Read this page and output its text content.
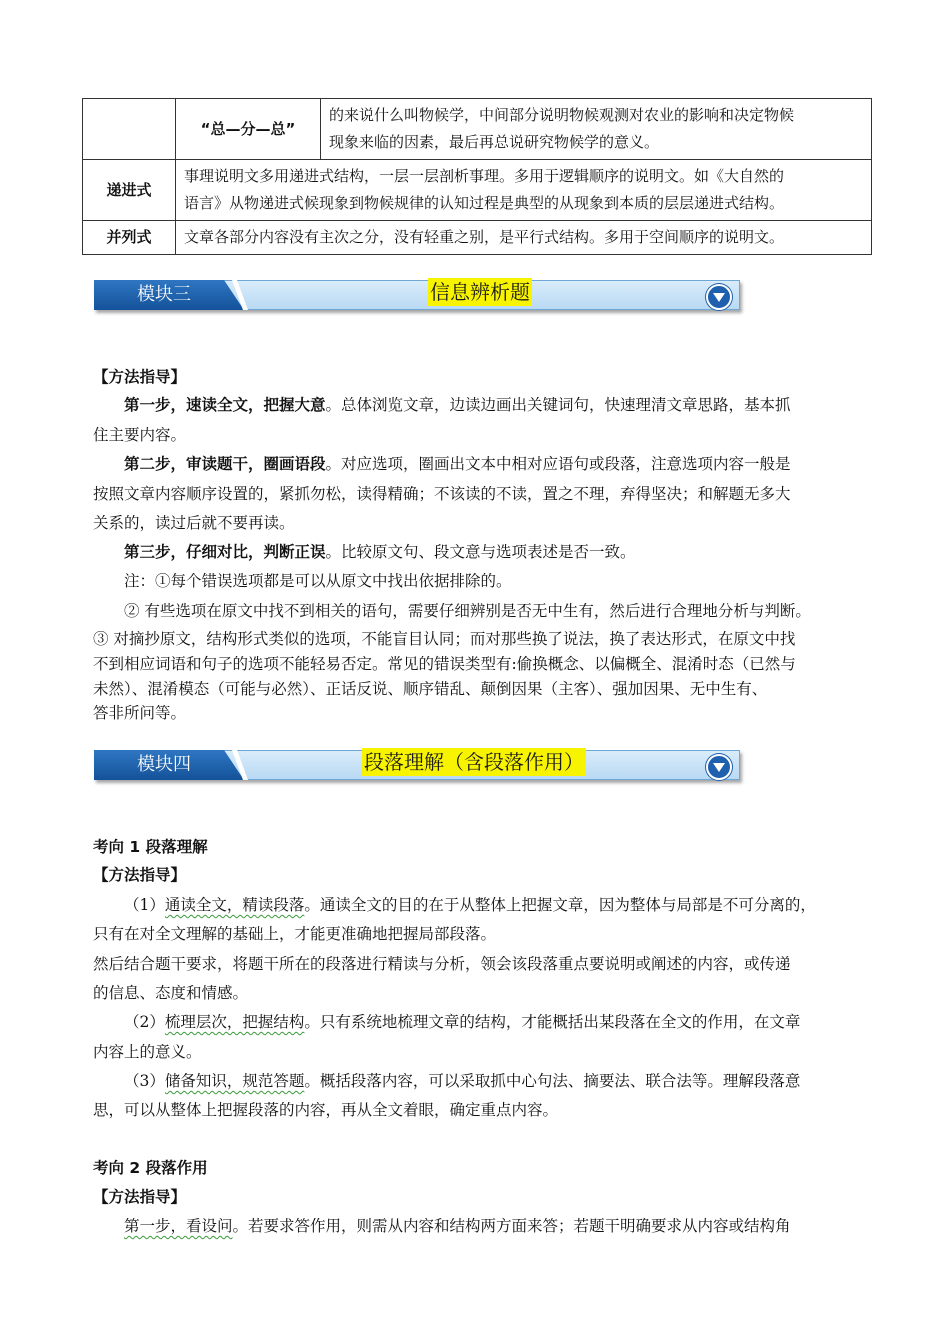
	“总—分—总”	的来说什么叫物候学，中间部分说明物候观测对农业的影响和决定物候
现象来临的因素，最后再总说研究物候学的意义。

递进式	事理说明文多用递进式结构，一层一层剖析事理。多用于逻辑顺序的说明文。如《大自然的
语言》从物递进式候现象到物候规律的认知过程是典型的从现象到本质的层层递进式结构。	

并列式	文章各部分内容没有主次之分，没有轻重之别，是平行式结构。多用于空间顺序的说明文。	
模块三	信息辨析题
【方法指导】
第一步，速读全文，把握大意。总体浏览文章，边读边画出关键词句，快速理清文章思路，基本抓
住主要内容。
第二步，审读题干，圈画语段。对应选项，圈画出文本中相对应语句或段落，注意选项内容一般是
按照文章内容顺序设置的，紧抓勿松，读得精确；不该读的不读，置之不理，弃得坚决；和解题无多大
关系的，读过后就不要再读。
第三步，仔细对比，判断正误。比较原文句、段文意与选项表述是否一致。
注：①每个错误选项都是可以从原文中找出依据排除的。
② 有些选项在原文中找不到相关的语句，需要仔细辨别是否无中生有，然后进行合理地分析与判断。
③ 对摘抄原文，结构形式类似的选项，不能盲目认同；而对那些换了说法，换了表达形式，在原文中找
不到相应词语和句子的选项不能轻易否定。常见的错误类型有:偷换概念、以偏概全、混淆时态（已然与
未然）、混淆模态（可能与必然）、正话反说、顺序错乱、颠倒因果（主客）、强加因果、无中生有、
答非所问等。
模块四	段落理解（含段落作用）
考向 1 段落理解
【方法指导】
（1）通读全文，精读段落。通读全文的目的在于从整体上把握文章，因为整体与局部是不可分离的，
只有在对全文理解的基础上，才能更准确地把握局部段落。
然后结合题干要求，将题干所在的段落进行精读与分析，领会该段落重点要说明或阐述的内容，或传递
的信息、态度和情感。
（2）梳理层次，把握结构。只有系统地梳理文章的结构，才能概括出某段落在全文的作用，在文章
内容上的意义。
（3）储备知识，规范答题。概括段落内容，可以采取抓中心句法、摘要法、联合法等。理解段落意
思，可以从整体上把握段落的内容，再从全文着眼，确定重点内容。
考向 2 段落作用
【方法指导】
第一步，看设问。若要求答作用，则需从内容和结构两方面来答；若题干明确要求从内容或结构角
